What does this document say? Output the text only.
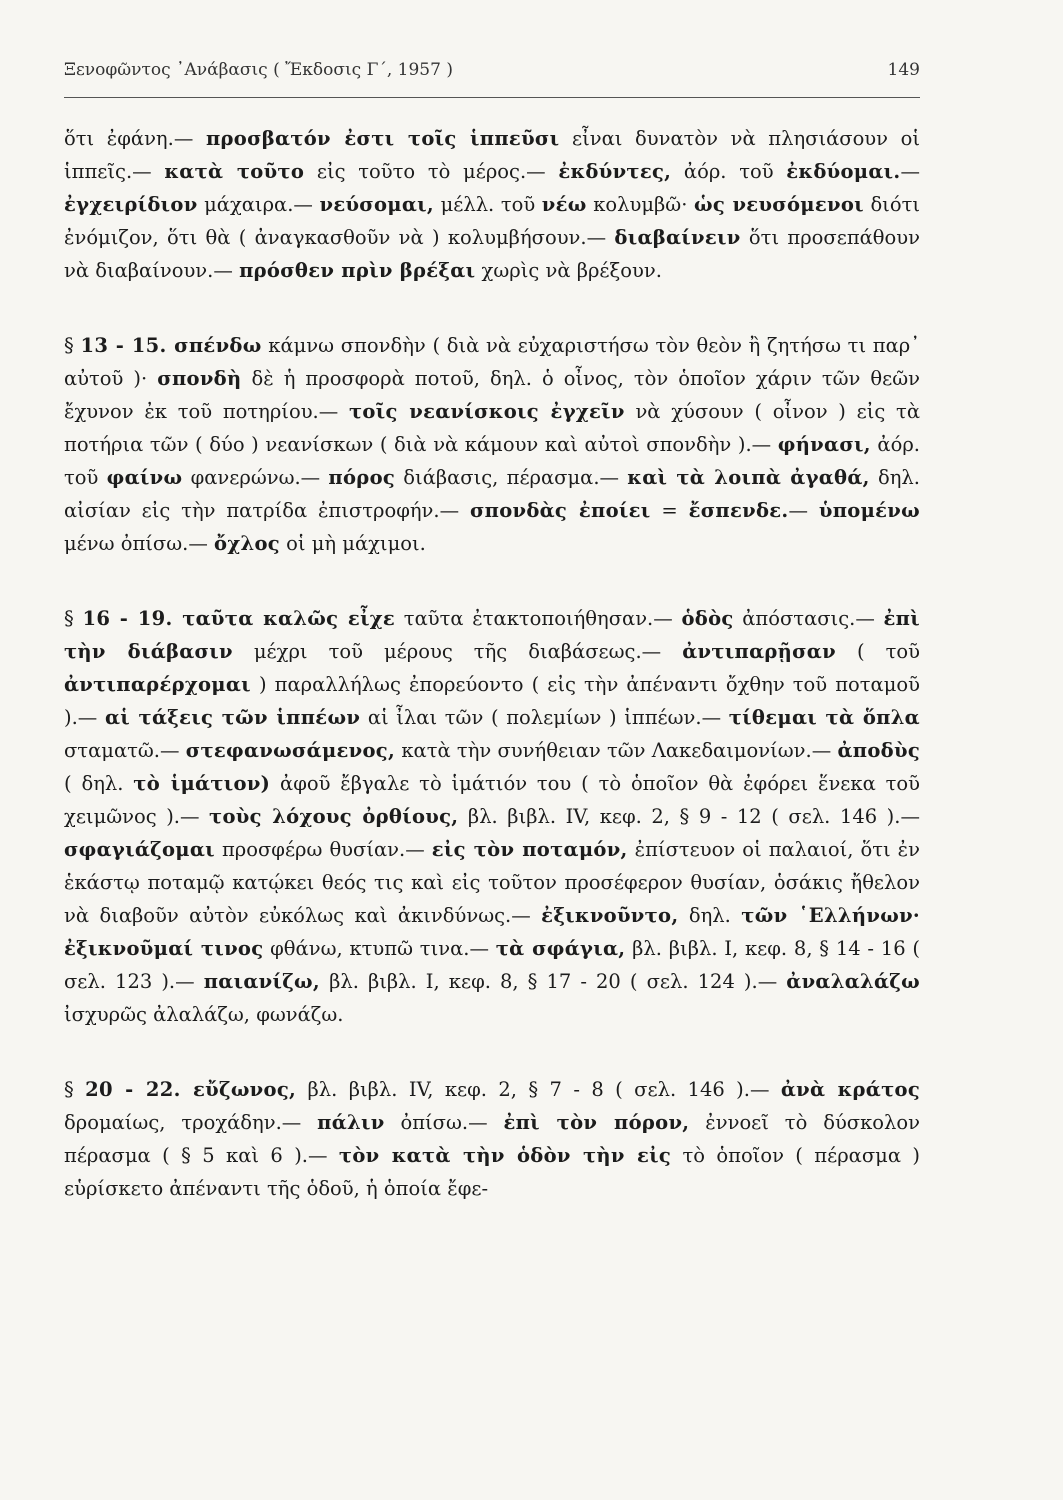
Ξενοφῶντος ᾿Ανάβασις ( Ἔκδοσις Γ΄, 1957 )	149

ὅτι ἐφάνη.— προσβατόν ἐστι τοῖς ἱππεῦσι εἶναι δυνατὸν νὰ πλησιάσουν οἱ ἱππεῖς.— κατὰ τοῦτο εἰς τοῦτο τὸ μέρος.— ἐκδύντες, ἀόρ. τοῦ ἐκδύομαι.— ἐγχειρίδιον μάχαιρα.— νεύσομαι, μέλλ. τοῦ νέω κολυμβῶ· ὡς νευσόμενοι διότι ἐνόμιζον, ὅτι θὰ ( ἀναγκασθοῦν νὰ ) κολυμβήσουν.— διαβαίνειν ὅτι προσεπάθουν νὰ διαβαίνουν.— πρόσθεν πρὶν βρέξαι χωρὶς νὰ βρέξουν.

§ 13 - 15. σπένδω κάμνω σπονδὴν ( διὰ νὰ εὐχαριστήσω τὸν θεὸν ἢ ζητήσω τι παρ᾿ αὐτοῦ )· σπονδὴ δὲ ἡ προσφορὰ ποτοῦ, δηλ. ὁ οἶνος, τὸν ὁποῖον χάριν τῶν θεῶν ἔχυνον ἐκ τοῦ ποτηρίου.— τοῖς νεανίσκοις ἐγχεῖν νὰ χύσουν ( οἶνον ) εἰς τὰ ποτήρια τῶν ( δύο ) νεανίσκων ( διὰ νὰ κάμουν καὶ αὐτοὶ σπονδὴν ).— φήνασι, ἀόρ. τοῦ φαίνω φανερώνω.— πόρος διάβασις, πέρασμα.— καὶ τὰ λοιπὰ ἀγαθά, δηλ. αἰσίαν εἰς τὴν πατρίδα ἐπιστροφήν.— σπονδὰς ἐποίει = ἔσπενδε.— ὑπομένω μένω ὀπίσω.— ὄχλος οἱ μὴ μάχιμοι.

§ 16 - 19. ταῦτα καλῶς εἶχε ταῦτα ἐτακτοποιήθησαν.— ὁδὸς ἀπόστασις.— ἐπὶ τὴν διάβασιν μέχρι τοῦ μέρους τῆς διαβάσεως.— ἀντιπαρῇσαν ( τοῦ ἀντιπαρέρχομαι ) παραλλήλως ἐπορεύοντο ( εἰς τὴν ἀπέναντι ὄχθην τοῦ ποταμοῦ ).— αἱ τάξεις τῶν ἱππέων αἱ ἶλαι τῶν ( πολεμίων ) ἱππέων.— τίθεμαι τὰ ὅπλα σταματῶ.— στεφανωσάμενος, κατὰ τὴν συνήθειαν τῶν Λακεδαιμονίων.— ἀποδὺς ( δηλ. τὸ ἱμάτιον) ἀφοῦ ἔβγαλε τὸ ἱμάτιόν του ( τὸ ὁποῖον θὰ ἐφόρει ἕνεκα τοῦ χειμῶνος ).— τοὺς λόχους ὀρθίους, βλ. βιβλ. IV, κεφ. 2, § 9 - 12 ( σελ. 146 ).— σφαγιάζομαι προσφέρω θυσίαν.— εἰς τὸν ποταμόν, ἐπίστευον οἱ παλαιοί, ὅτι ἐν ἑκάστῳ ποταμῷ κατῴκει θεός τις καὶ εἰς τοῦτον προσέφερον θυσίαν, ὁσάκις ἤθελον νὰ διαβοῦν αὐτὸν εὐκόλως καὶ ἀκινδύνως.— ἐξικνοῦντο, δηλ. τῶν ῾Ελλήνων· ἐξικνοῦμαί τινος φθάνω, κτυπῶ τινα.— τὰ σφάγια, βλ. βιβλ. I, κεφ. 8, § 14 - 16 ( σελ. 123 ).— παιανίζω, βλ. βιβλ. I, κεφ. 8, § 17 - 20 ( σελ. 124 ).— ἀναλαλάζω ἰσχυρῶς ἀλαλάζω, φωνάζω.

§ 20 - 22. εὔζωνος, βλ. βιβλ. IV, κεφ. 2, § 7 - 8 ( σελ. 146 ).— ἀνὰ κράτος δρομαίως, τροχάδην.— πάλιν ὀπίσω.— ἐπὶ τὸν πόρον, ἐννοεῖ τὸ δύσκολον πέρασμα ( § 5 καὶ 6 ).— τὸν κατὰ τὴν ὁδὸν τὴν εἰς τὸ ὁποῖον ( πέρασμα ) εὑρίσκετο ἀπέναντι τῆς ὁδοῦ, ἡ ὁποία ἔφε-
